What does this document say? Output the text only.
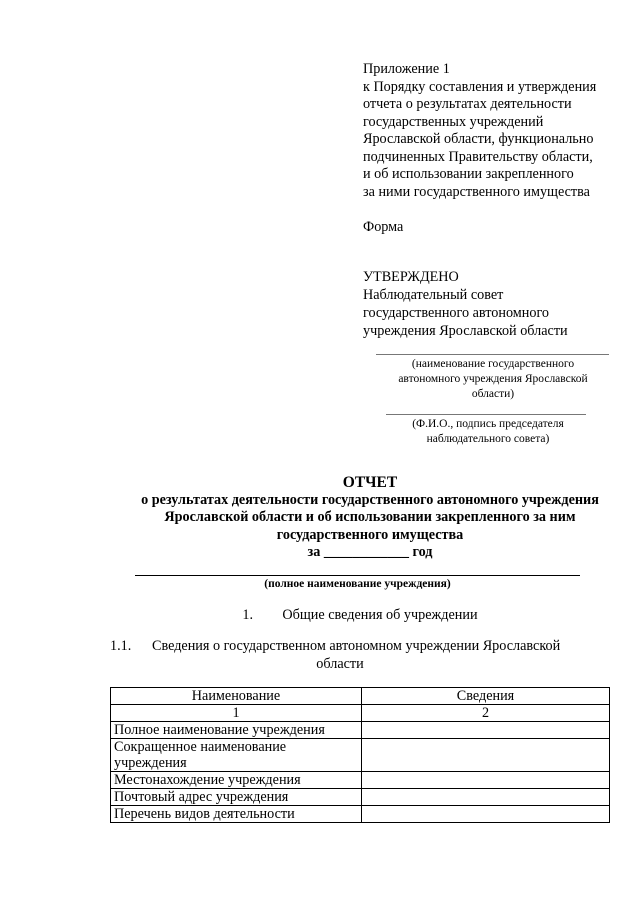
Приложение 1
к Порядку составления и утверждения
отчета о результатах деятельности
государственных учреждений
Ярославской области, функционально
подчиненных Правительству области,
и об использовании закрепленного
за ними государственного имущества
Форма
УТВЕРЖДЕНО
Наблюдательный совет
государственного автономного
учреждения Ярославской области
(наименование государственного
автономного учреждения Ярославской
области)
(Ф.И.О., подпись председателя
наблюдательного совета)
ОТЧЕТ
о результатах деятельности государственного автономного учреждения
Ярославской области и об использовании закрепленного за ним
государственного имущества
за ____________ год
(полное наименование учреждения)
1. Общие сведения об учреждении
1.1. Сведения о государственном автономном учреждении Ярославской
области
Наименование	Сведения
1	2
Полное наименование учреждения	
Сокращенное наименование учреждения	
Местонахождение учреждения	
Почтовый адрес учреждения	
Перечень видов деятельности	
